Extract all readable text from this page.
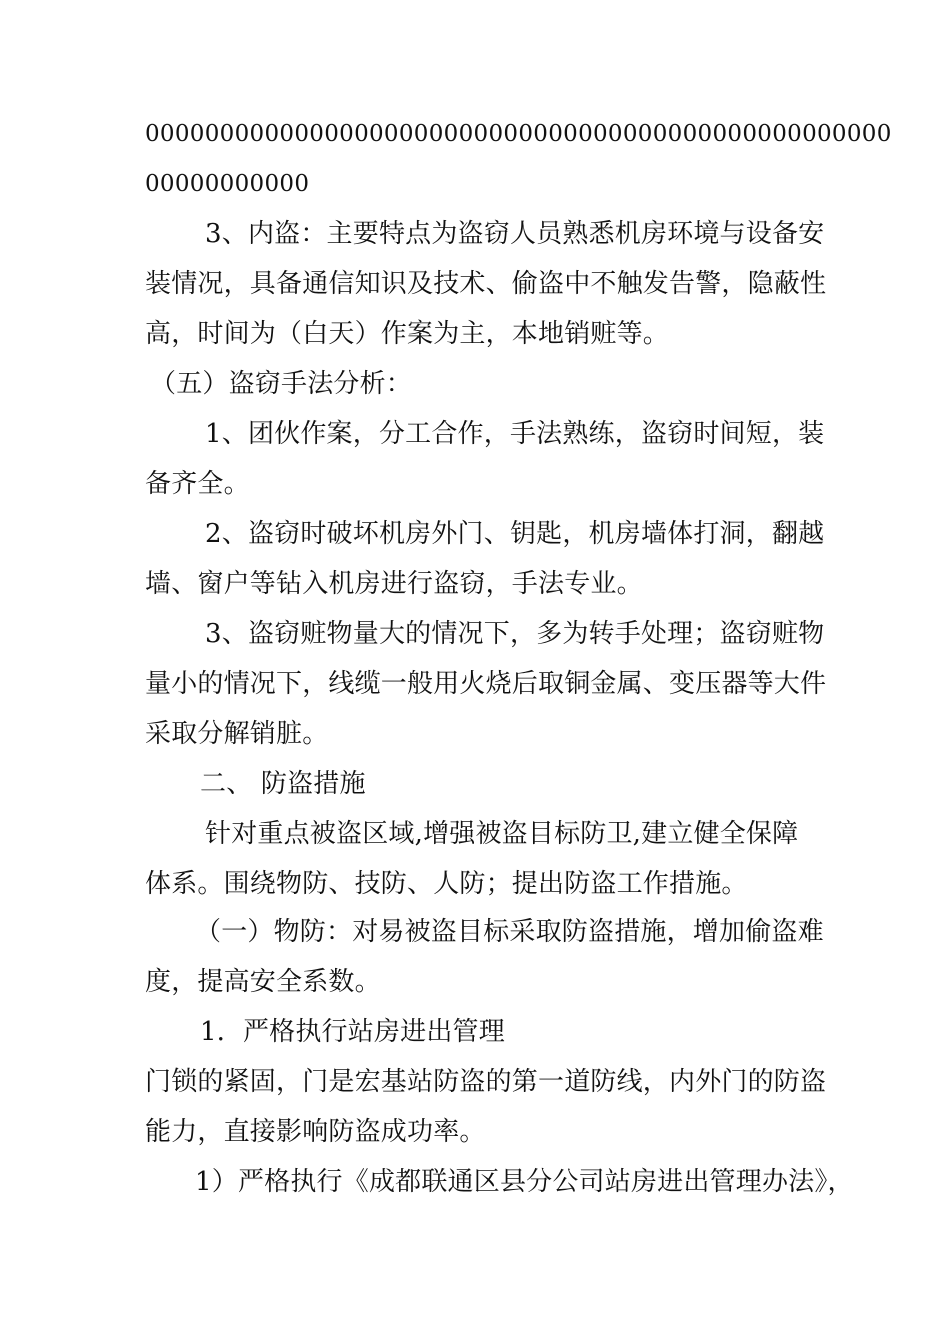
00000000000000000000000000000000000000000000000000
00000000000
3、内盗：主要特点为盗窃人员熟悉机房环境与设备安
装情况，具备通信知识及技术、偷盗中不触发告警，隐蔽性
高，时间为（白天）作案为主，本地销赃等。
（五）盗窃手法分析：
1、团伙作案，分工合作，手法熟练，盗窃时间短，装
备齐全。
2、盗窃时破坏机房外门、钥匙，机房墙体打洞，翻越
墙、窗户等钻入机房进行盗窃，手法专业。
3、盗窃赃物量大的情况下，多为转手处理；盗窃赃物
量小的情况下，线缆一般用火烧后取铜金属、变压器等大件
采取分解销脏。
二、 防盗措施
针对重点被盗区域,增强被盗目标防卫,建立健全保障
体系。围绕物防、技防、人防；提出防盗工作措施。
（一）物防：对易被盗目标采取防盗措施，增加偷盗难
度，提高安全系数。
1．严格执行站房进出管理
门锁的紧固，门是宏基站防盗的第一道防线，内外门的防盗
能力，直接影响防盗成功率。
1）严格执行《成都联通区县分公司站房进出管理办法》，
